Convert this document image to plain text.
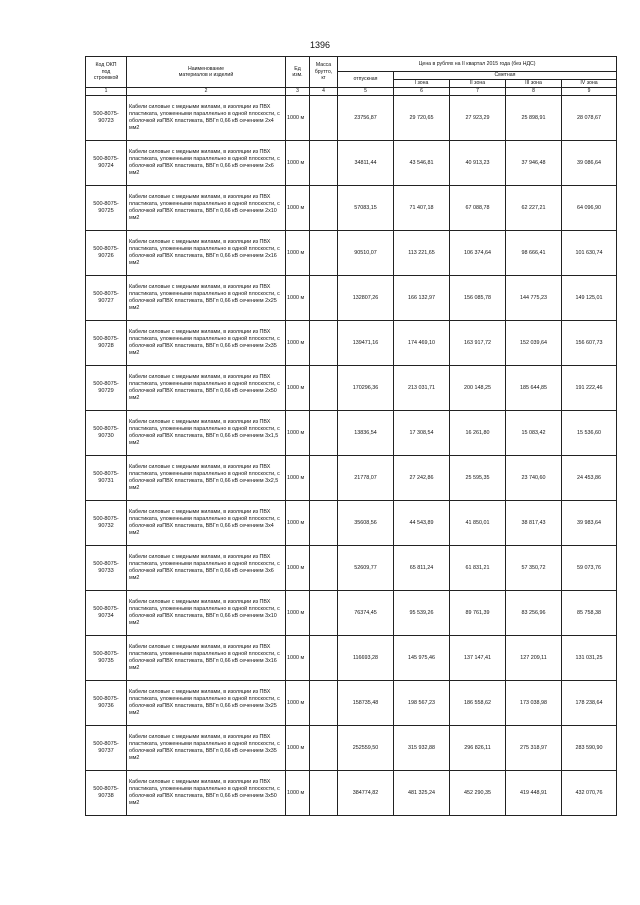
1396
Код ОКП
под
строевкой	Наименование
материалов и изделий	Ед
изм.	Масса
брутто,
кг	Цена в рублях на II квартал 2015 года (без НДС)				
				отпускная	Сметная			
					I зона	II зона	III зона	IV зона
1	2	3	4	5	6	7	8	9
500-8075-
90723	Кабели силовые с медными жилами, в изоляции из ПВХ пластиката, уложенными параллельно в одной плоскости, с оболочкой изПВХ пластиката, ВВГп 0,66 кВ сечением 2х4 мм2	1000 м		23756,87	29 720,65	27 923,29	25 898,91	28 078,67
500-8075-
90724	Кабели силовые с медными жилами, в изоляции из ПВХ пластиката, уложенными параллельно в одной плоскости, с оболочкой изПВХ пластиката, ВВГп 0,66 кВ сечением 2х6 мм2	1000 м		34811,44	43 546,81	40 913,23	37 946,48	39 086,64
500-8075-
90725	Кабели силовые с медными жилами, в изоляции из ПВХ пластиката, уложенными параллельно в одной плоскости, с оболочкой изПВХ пластиката, ВВГп 0,66 кВ сечением 2х10 мм2	1000 м		57083,15	71 407,18	67 088,78	62 227,21	64 096,90
500-8075-
90726	Кабели силовые с медными жилами, в изоляции из ПВХ пластиката, уложенными параллельно в одной плоскости, с оболочкой изПВХ пластиката, ВВГп 0,66 кВ сечением 2х16 мм2	1000 м		90510,07	113 221,65	106 374,64	98 666,41	101 630,74
500-8075-
90727	Кабели силовые с медными жилами, в изоляции из ПВХ пластиката, уложенными параллельно в одной плоскости, с оболочкой изПВХ пластиката, ВВГп 0,66 кВ сечением 2х25 мм2	1000 м		132807,26	166 132,97	156 085,78	144 775,23	149 125,01
500-8075-
90728	Кабели силовые с медными жилами, в изоляции из ПВХ пластиката, уложенными параллельно в одной плоскости, с оболочкой изПВХ пластиката, ВВГп 0,66 кВ сечением 2х35 мм2	1000 м		139471,16	174 469,10	163 917,72	152 039,64	156 607,73
500-8075-
90729	Кабели силовые с медными жилами, в изоляции из ПВХ пластиката, уложенными параллельно в одной плоскости, с оболочкой изПВХ пластиката, ВВГп 0,66 кВ сечением 2х50 мм2	1000 м		170296,36	213 031,71	200 148,25	185 644,85	191 222,46
500-8075-
90730	Кабели силовые с медными жилами, в изоляции из ПВХ пластиката, уложенными параллельно в одной плоскости, с оболочкой изПВХ пластиката, ВВГп 0,66 кВ сечением 3х1,5 мм2	1000 м		13836,54	17 308,54	16 261,80	15 083,42	15 536,60
500-8075-
90731	Кабели силовые с медными жилами, в изоляции из ПВХ пластиката, уложенными параллельно в одной плоскости, с оболочкой изПВХ пластиката, ВВГп 0,66 кВ сечением 3х2,5 мм2	1000 м		21778,07	27 242,86	25 595,35	23 740,60	24 453,86
500-8075-
90732	Кабели силовые с медными жилами, в изоляции из ПВХ пластиката, уложенными параллельно в одной плоскости, с оболочкой изПВХ пластиката, ВВГп 0,66 кВ сечением 3х4 мм2	1000 м		35608,56	44 543,89	41 850,01	38 817,43	39 983,64
500-8075-
90733	Кабели силовые с медными жилами, в изоляции из ПВХ пластиката, уложенными параллельно в одной плоскости, с оболочкой изПВХ пластиката, ВВГп 0,66 кВ сечением 3х6 мм2	1000 м		52609,77	65 811,24	61 831,21	57 350,72	59 073,76
500-8075-
90734	Кабели силовые с медными жилами, в изоляции из ПВХ пластиката, уложенными параллельно в одной плоскости, с оболочкой изПВХ пластиката, ВВГп 0,66 кВ сечением 3х10 мм2	1000 м		76374,45	95 539,26	89 761,39	83 256,96	85 758,38
500-8075-
90735	Кабели силовые с медными жилами, в изоляции из ПВХ пластиката, уложенными параллельно в одной плоскости, с оболочкой изПВХ пластиката, ВВГп 0,66 кВ сечением 3х16 мм2	1000 м		116693,28	145 975,46	137 147,41	127 209,11	131 031,25
500-8075-
90736	Кабели силовые с медными жилами, в изоляции из ПВХ пластиката, уложенными параллельно в одной плоскости, с оболочкой изПВХ пластиката, ВВГп 0,66 кВ сечением 3х25 мм2	1000 м		158735,48	198 567,23	186 558,62	173 038,98	178 238,64
500-8075-
90737	Кабели силовые с медными жилами, в изоляции из ПВХ пластиката, уложенными параллельно в одной плоскости, с оболочкой изПВХ пластиката, ВВГп 0,66 кВ сечением 3х35 мм2	1000 м		252559,50	315 932,88	296 826,11	275 318,97	283 590,90
500-8075-
90738	Кабели силовые с медными жилами, в изоляции из ПВХ пластиката, уложенными параллельно в одной плоскости, с оболочкой изПВХ пластиката, ВВГп 0,66 кВ сечением 3х50 мм2	1000 м		384774,82	481 325,24	452 290,35	419 448,91	432 070,76
